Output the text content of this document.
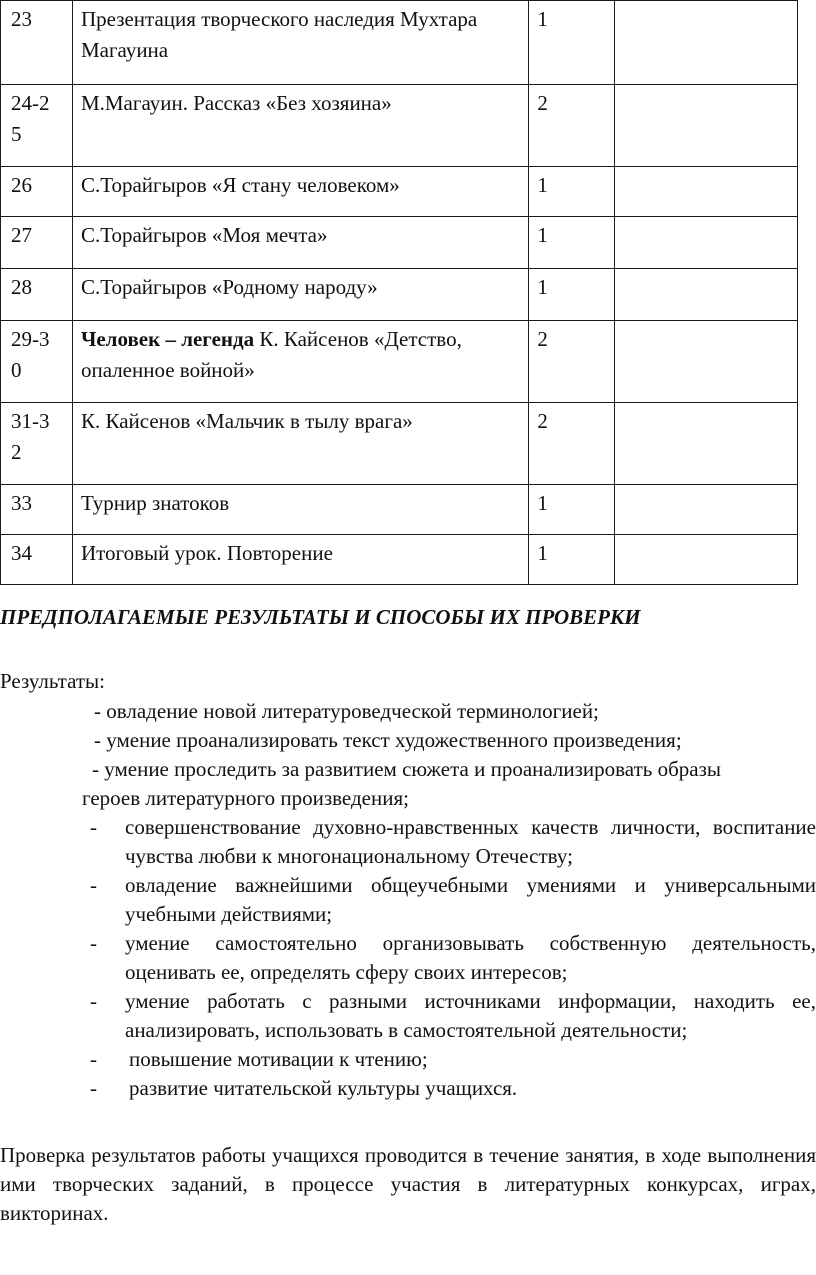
23	Презентация творческого наследия Мухтара Магауина	1	
24-25	М.Магауин. Рассказ «Без хозяина»	2	
26	С.Торайгыров «Я стану человеком»	1	
27	С.Торайгыров «Моя мечта»	1	
28	С.Торайгыров «Родному народу»	1	
29-30	Человек – легенда К. Кайсенов «Детство, опаленное войной»	2	
31-32	К. Кайсенов «Мальчик в тылу врага»	2	
33	Турнир знатоков	1	
34	Итоговый урок. Повторение	1	

ПРЕДПОЛАГАЕМЫЕ РЕЗУЛЬТАТЫ И СПОСОБЫ ИХ ПРОВЕРКИ

Результаты:

- овладение новой литературоведческой терминологией;

- умение проанализировать текст художественного произведения;

- умение проследить за развитием сюжета и проанализировать образы

героев литературного произведения;

- совершенствование духовно-нравственных качеств личности, воспитание чувства любви к многонациональному Отечеству;

- овладение важнейшими общеучебными умениями и универсальными учебными действиями;

- умение самостоятельно организовывать собственную деятельность, оценивать ее, определять сферу своих интересов;

- умение работать с разными источниками информации, находить ее, анализировать, использовать в самостоятельной деятельности;

- повышение мотивации к чтению;

- развитие читательской культуры учащихся.

Проверка результатов работы учащихся проводится в течение занятия, в ходе выполнения ими творческих заданий, в процессе участия в литературных конкурсах, играх, викторинах.
